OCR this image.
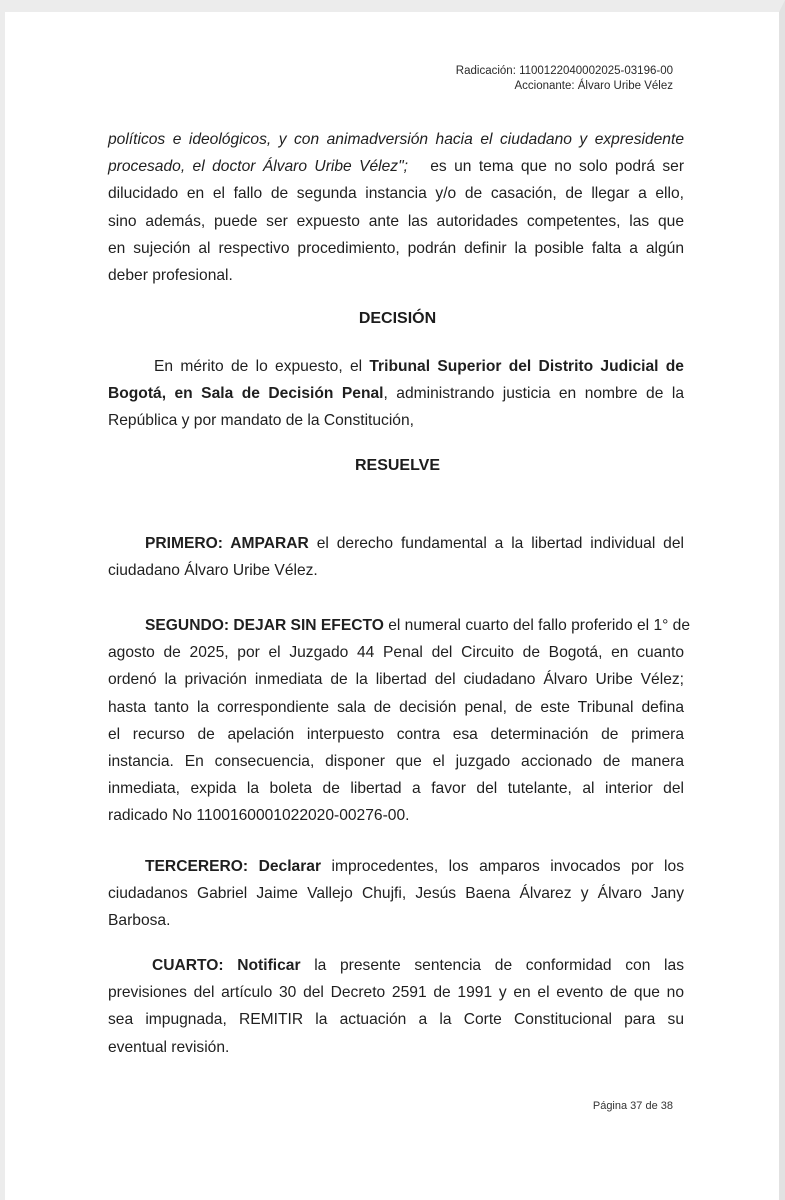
Radicación: 1100122040002025-03196-00
Accionante: Álvaro Uribe Vélez
políticos e ideológicos, y con animadversión hacia el ciudadano y expresidente
procesado, el doctor Álvaro Uribe Vélez"; es un tema que no solo podrá ser
dilucidado en el fallo de segunda instancia y/o de casación, de llegar a ello,
sino además, puede ser expuesto ante las autoridades competentes, las que
en sujeción al respectivo procedimiento, podrán definir la posible falta a algún
deber profesional.
DECISIÓN
En mérito de lo expuesto, el Tribunal Superior del Distrito Judicial de
Bogotá, en Sala de Decisión Penal, administrando justicia en nombre de la
República y por mandato de la Constitución,
RESUELVE
PRIMERO: AMPARAR el derecho fundamental a la libertad individual del
ciudadano Álvaro Uribe Vélez.
SEGUNDO: DEJAR SIN EFECTO el numeral cuarto del fallo proferido el 1° de
agosto de 2025, por el Juzgado 44 Penal del Circuito de Bogotá, en cuanto
ordenó la privación inmediata de la libertad del ciudadano Álvaro Uribe Vélez;
hasta tanto la correspondiente sala de decisión penal, de este Tribunal defina
el recurso de apelación interpuesto contra esa determinación de primera
instancia. En consecuencia, disponer que el juzgado accionado de manera
inmediata, expida la boleta de libertad a favor del tutelante, al interior del
radicado No 1100160001022020-00276-00.
TERCERERO: Declarar improcedentes, los amparos invocados por los
ciudadanos Gabriel Jaime Vallejo Chujfi, Jesús Baena Álvarez y Álvaro Jany
Barbosa.
CUARTO: Notificar la presente sentencia de conformidad con las
previsiones del artículo 30 del Decreto 2591 de 1991 y en el evento de que no
sea impugnada, REMITIR la actuación a la Corte Constitucional para su
eventual revisión.
Página 37 de 38
